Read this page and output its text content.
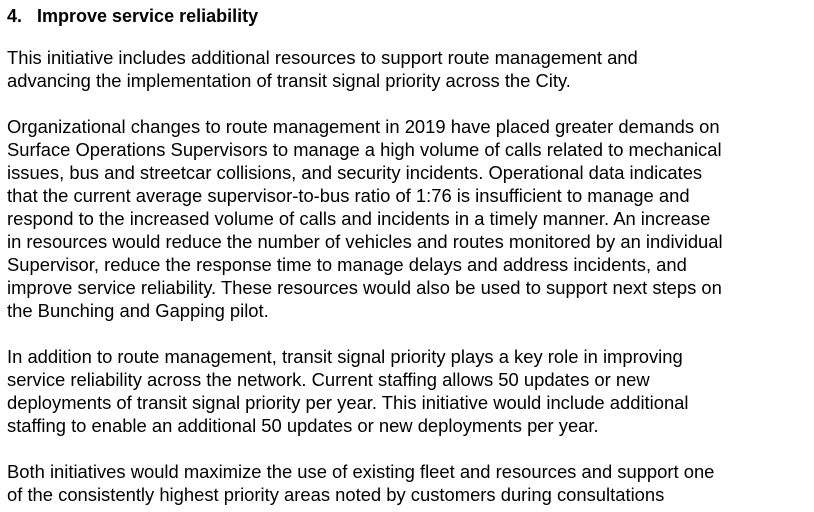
4. Improve service reliability
This initiative includes additional resources to support route management and
advancing the implementation of transit signal priority across the City.
Organizational changes to route management in 2019 have placed greater demands on
Surface Operations Supervisors to manage a high volume of calls related to mechanical
issues, bus and streetcar collisions, and security incidents. Operational data indicates
that the current average supervisor-to-bus ratio of 1:76 is insufficient to manage and
respond to the increased volume of calls and incidents in a timely manner. An increase
in resources would reduce the number of vehicles and routes monitored by an individual
Supervisor, reduce the response time to manage delays and address incidents, and
improve service reliability. These resources would also be used to support next steps on
the Bunching and Gapping pilot.
In addition to route management, transit signal priority plays a key role in improving
service reliability across the network. Current staffing allows 50 updates or new
deployments of transit signal priority per year. This initiative would include additional
staffing to enable an additional 50 updates or new deployments per year.
Both initiatives would maximize the use of existing fleet and resources and support one
of the consistently highest priority areas noted by customers during consultations
